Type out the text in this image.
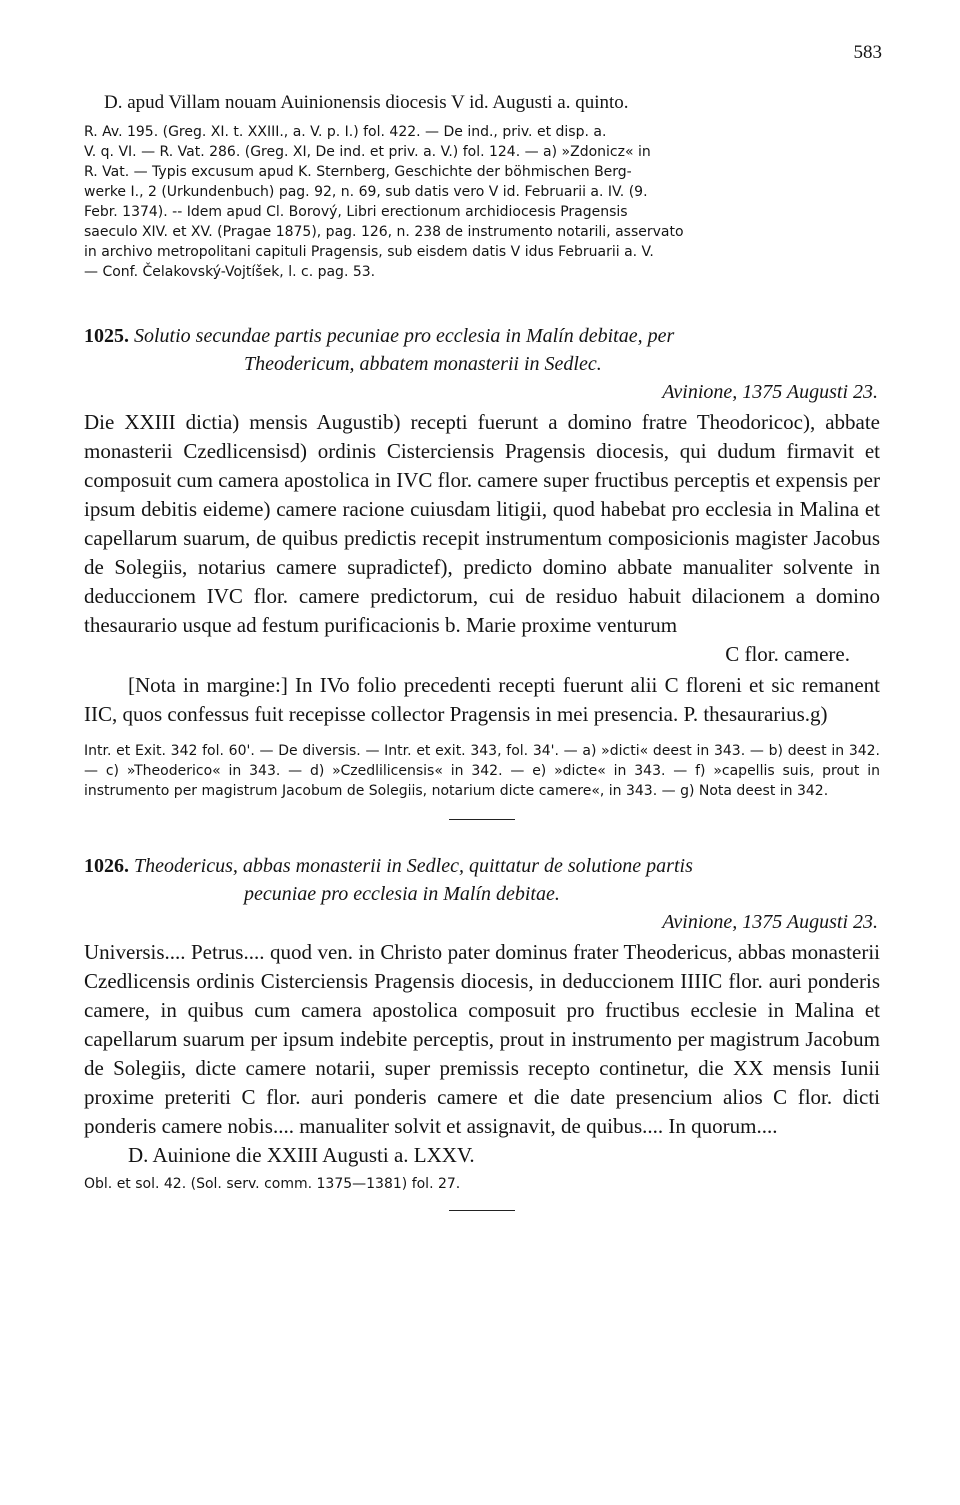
583

D. apud Villam nouam Auinionensis diocesis V id. Augusti a. quinto.

R. Av. 195. (Greg. XI. t. XXIII., a. V. p. I.) fol. 422. — De ind., priv. et disp. a.
V. q. VI. — R. Vat. 286. (Greg. XI, De ind. et priv. a. V.) fol. 124. — a) »Zdonicz« in
R. Vat. — Typis excusum apud K. Sternberg, Geschichte der böhmischen Berg-
werke I., 2 (Urkundenbuch) pag. 92, n. 69, sub datis vero V id. Februarii a. IV. (9.
Febr. 1374). -- Idem apud Cl. Borový, Libri erectionum archidiocesis Pragensis
saeculo XIV. et XV. (Pragae 1875), pag. 126, n. 238 de instrumento notarili, asservato
in archivo metropolitani capituli Pragensis, sub eisdem datis V idus Februarii a. V.
— Conf. Čelakovský-Vojtíšek, l. c. pag. 53.

1025. Solutio secundae partis pecuniae pro ecclesia in Malín debitae, per
Theodericum, abbatem monasterii in Sedlec.
Avinione, 1375 Augusti 23.

Die XXIII dictia) mensis Augustib) recepti fuerunt a domino fratre Theodoricoc), abbate monasterii Czedlicensisd) ordinis Cisterciensis Pragensis diocesis, qui dudum firmavit et composuit cum camera apostolica in IVC flor. camere super fructibus perceptis et expensis per ipsum debitis eidemе) camere racione cuiusdam litigii, quod habebat pro ecclesia in Malina et capellarum suarum, de quibus predictis recepit instrumentum composicionis magister Jacobus de Solegiis, notarius camere supradictef), predicto domino abbate manualiter solvente in deduccionem IVC flor. camere predictorum, cui de residuo habuit dilacionem a domino thesaurario usque ad festum purificacionis b. Marie proxime venturum

C flor. camere.

[Nota in margine:] In IVo folio precedenti recepti fuerunt alii C floreni et sic remanent IIC, quos confessus fuit recepisse collector Pragensis in mei presencia. P. thesaurarius.g)

Intr. et Exit. 342 fol. 60'. — De diversis. — Intr. et exit. 343, fol. 34'. — a) »dicti« deest in 343. — b) deest in 342. — c) »Theoderico« in 343. — d) »Czedlilicensis« in 342. — e) »dicte« in 343. — f) »capellis suis, prout in instrumento per magistrum Jacobum de Solegiis, notarium dicte camere«, in 343. — g) Nota deest in 342.

1026. Theodericus, abbas monasterii in Sedlec, quittatur de solutione partis
pecuniae pro ecclesia in Malín debitae.
Avinione, 1375 Augusti 23.

Universis.... Petrus.... quod ven. in Christo pater dominus frater Theodericus, abbas monasterii Czedlicensis ordinis Cisterciensis Pragensis diocesis, in deduccionem IIIIC flor. auri ponderis camere, in quibus cum camera apostolica composuit pro fructibus ecclesie in Malina et capellarum suarum per ipsum indebite perceptis, prout in instrumento per magistrum Jacobum de Solegiis, dicte camere notarii, super premissis recepto continetur, die XX mensis Iunii proxime preteriti C flor. auri ponderis camere et die date presencium alios C flor. dicti ponderis camere nobis.... manualiter solvit et assignavit, de quibus.... In quorum....

D. Auinione die XXIII Augusti a. LXXV.

Obl. et sol. 42. (Sol. serv. comm. 1375—1381) fol. 27.
